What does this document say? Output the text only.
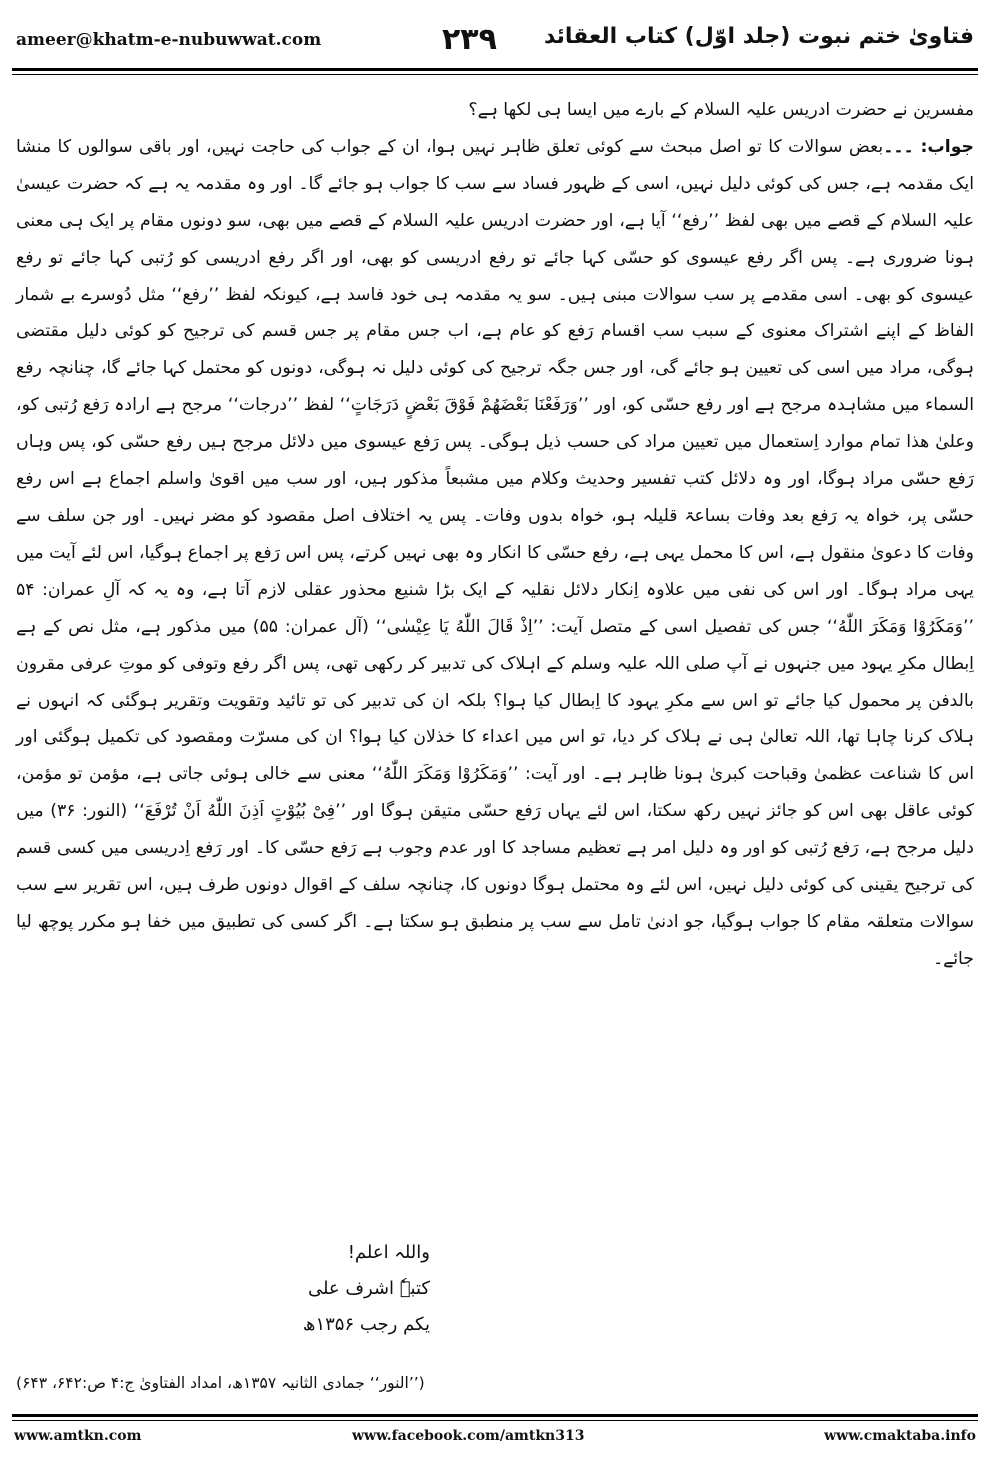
ameer@khatm-e-nubuwwat.com	۲۳۹ فتاویٰ ختم نبوت (جلد اوّل) کتاب العقائد

مفسرین نے حضرت ادریس علیہ السلام کے بارے میں ایسا ہی لکھا ہے؟

جواب: ۔۔۔بعض سوالات کا تو اصل مبحث سے کوئی تعلق ظاہر نہیں ہوا، ان کے جواب کی حاجت نہیں، اور باقی سوالوں کا منشا ایک مقدمہ ہے، جس کی کوئی دلیل نہیں، اسی کے ظہور فساد سے سب کا جواب ہو جائے گا۔ اور وہ مقدمہ یہ ہے کہ حضرت عیسیٰ علیہ السلام کے قصے میں بھی لفظ ’’رفع‘‘ آیا ہے، اور حضرت ادریس علیہ السلام کے قصے میں بھی، سو دونوں مقام پر ایک ہی معنی ہونا ضروری ہے۔ پس اگر رفع عیسوی کو حسّی کہا جائے تو رفع ادریسی کو بھی، اور اگر رفع ادریسی کو رُتبی کہا جائے تو رفع عیسوی کو بھی۔ اسی مقدمے پر سب سوالات مبنی ہیں۔ سو یہ مقدمہ ہی خود فاسد ہے، کیونکہ لفظ ’’رفع‘‘ مثل دُوسرے بے شمار الفاظ کے اپنے اشتراک معنوی کے سبب سب اقسام رَفع کو عام ہے، اب جس مقام پر جس قسم کی ترجیح کو کوئی دلیل مقتضی ہوگی، مراد میں اسی کی تعیین ہو جائے گی، اور جس جگہ ترجیح کی کوئی دلیل نہ ہوگی، دونوں کو محتمل کہا جائے گا، چنانچہ رفع السماء میں مشاہدہ مرجح ہے اور رفع حسّی کو، اور ’’وَرَفَعْنَا بَعْضَهُمْ فَوْقَ بَعْضٍ دَرَجَاتٍ‘‘ لفظ ’’درجات‘‘ مرجح ہے ارادہ رَفع رُتبی کو، وعلیٰ ھذا تمام موارد اِستعمال میں تعیین مراد کی حسب ذیل ہوگی۔ پس رَفع عیسوی میں دلائل مرجح ہیں رفع حسّی کو، پس وہاں رَفع حسّی مراد ہوگا، اور وہ دلائل کتب تفسیر وحدیث وکلام میں مشبعاً مذکور ہیں، اور سب میں اقویٰ واسلم اجماع ہے اس رفع حسّی پر، خواہ یہ رَفع بعد وفات بساعۃ قلیلہ ہو، خواہ بدوں وفات۔ پس یہ اختلاف اصل مقصود کو مضر نہیں۔ اور جن سلف سے وفات کا دعویٰ منقول ہے، اس کا محمل یہی ہے، رفع حسّی کا انکار وہ بھی نہیں کرتے، پس اس رَفع پر اجماع ہوگیا، اس لئے آیت میں یہی مراد ہوگا۔ اور اس کی نفی میں علاوہ اِنکار دلائل نقلیہ کے ایک بڑا شنیع محذور عقلی لازم آتا ہے، وہ یہ کہ آلِ عمران: ۵۴ ’’وَمَكَرُوْا وَمَكَرَ اللّٰهُ‘‘ جس کی تفصیل اسی کے متصل آیت: ’’اِذْ قَالَ اللّٰهُ يَا عِيْسٰى‘‘ (آل عمران: ۵۵) میں مذکور ہے، مثل نص کے ہے اِبطال مکرِ یہود میں جنہوں نے آپ صلی اللہ علیہ وسلم کے اہلاک کی تدبیر کر رکھی تھی، پس اگر رفع وتوفی کو موتِ عرفی مقرون بالدفن پر محمول کیا جائے تو اس سے مکرِ یہود کا اِبطال کیا ہوا؟ بلکہ ان کی تدبیر کی تو تائید وتقویت وتقریر ہوگئی کہ انہوں نے ہلاک کرنا چاہا تھا، اللہ تعالیٰ ہی نے ہلاک کر دیا، تو اس میں اعداء کا خذلان کیا ہوا؟ ان کی مسرّت ومقصود کی تکمیل ہوگئی اور اس کا شناعت عظمیٰ وقباحت کبریٰ ہونا ظاہر ہے۔ اور آیت: ’’وَمَكَرُوْا وَمَكَرَ اللّٰهُ‘‘ معنی سے خالی ہوئی جاتی ہے، مؤمن تو مؤمن، کوئی عاقل بھی اس کو جائز نہیں رکھ سکتا، اس لئے یہاں رَفع حسّی متیقن ہوگا اور ’’فِیْ بُيُوْتٍ اَذِنَ اللّٰهُ اَنْ تُرْفَعَ‘‘ (النور: ۳۶) میں دلیل مرجح ہے، رَفع رُتبی کو اور وہ دلیل امر ہے تعظیم مساجد کا اور عدم وجوب ہے رَفع حسّی کا۔ اور رَفع اِدریسی میں کسی قسم کی ترجیح یقینی کی کوئی دلیل نہیں، اس لئے وہ محتمل ہوگا دونوں کا، چنانچہ سلف کے اقوال دونوں طرف ہیں، اس تقریر سے سب سوالات متعلقہ مقام کا جواب ہوگیا، جو ادنیٰ تامل سے سب پر منطبق ہو سکتا ہے۔ اگر کسی کی تطبیق میں خفا ہو مکرر پوچھ لیا جائے۔

واللہ اعلم!
کتبہٗ اشرف علی
یکم رجب ۱۳۵۶ھ
(’’النور‘‘ جمادی الثانیہ ۱۳۵۷ھ، امداد الفتاویٰ ج:۴ ص:۶۴۲، ۶۴۳)
www.amtkn.com	www.facebook.com/amtkn313	www.cmaktaba.info
